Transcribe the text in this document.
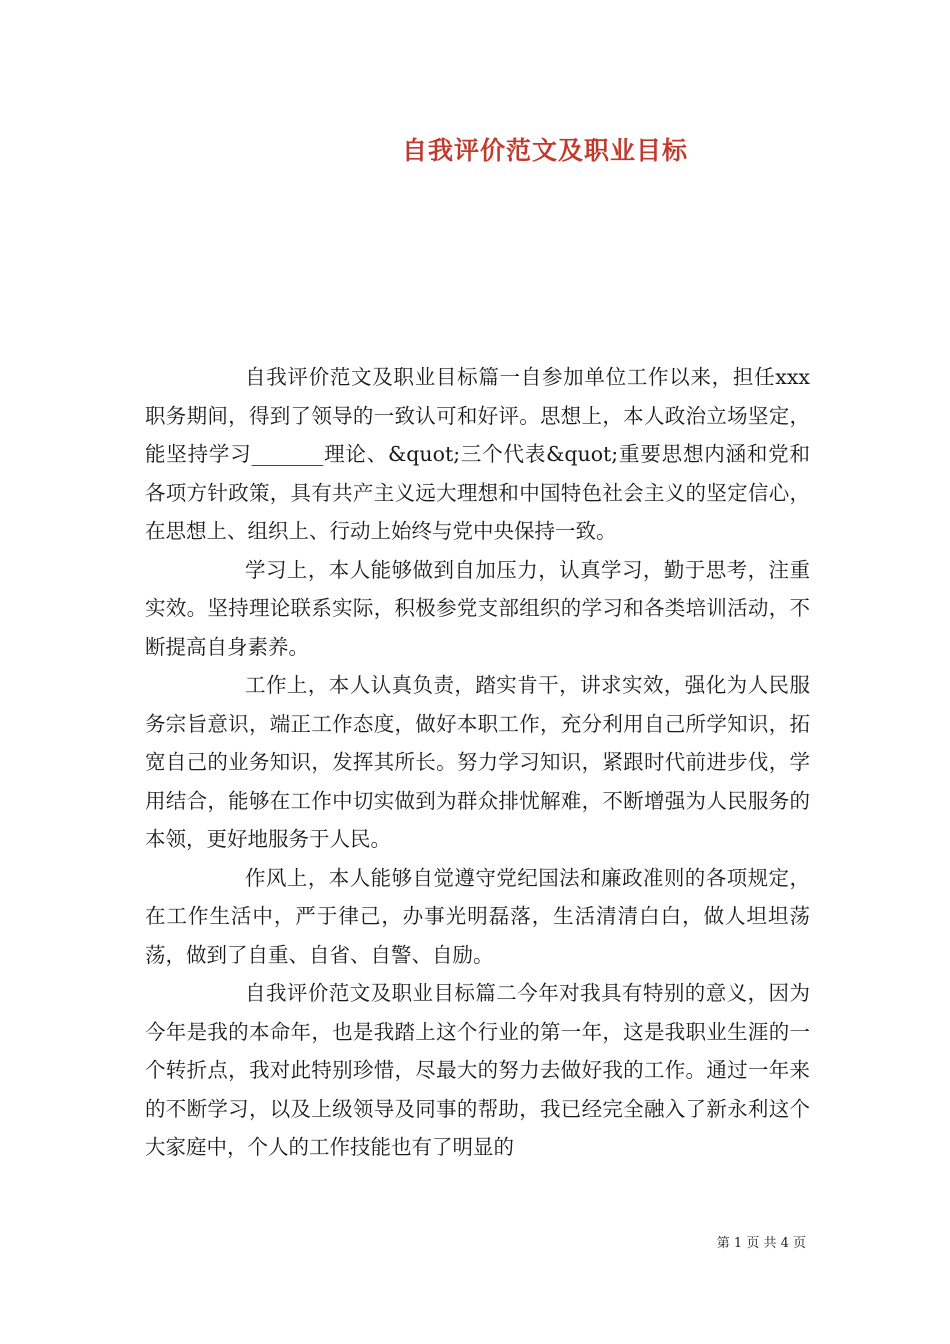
自我评价范文及职业目标

自我评价范文及职业目标篇一自参加单位工作以来，担任xxx职务期间，得到了领导的一致认可和好评。思想上，本人政治立场坚定，能坚持学习_______理论、&quot;三个代表&quot;重要思想内涵和党和各项方针政策，具有共产主义远大理想和中国特色社会主义的坚定信心，在思想上、组织上、行动上始终与党中央保持一致。

学习上，本人能够做到自加压力，认真学习，勤于思考，注重实效。坚持理论联系实际，积极参党支部组织的学习和各类培训活动，不断提高自身素养。

工作上，本人认真负责，踏实肯干，讲求实效，强化为人民服务宗旨意识，端正工作态度，做好本职工作，充分利用自己所学知识，拓宽自己的业务知识，发挥其所长。努力学习知识，紧跟时代前进步伐，学用结合，能够在工作中切实做到为群众排忧解难，不断增强为人民服务的本领，更好地服务于人民。

作风上，本人能够自觉遵守党纪国法和廉政准则的各项规定，在工作生活中，严于律己，办事光明磊落，生活清清白白，做人坦坦荡荡，做到了自重、自省、自警、自励。

自我评价范文及职业目标篇二今年对我具有特别的意义，因为今年是我的本命年，也是我踏上这个行业的第一年，这是我职业生涯的一个转折点，我对此特别珍惜，尽最大的努力去做好我的工作。通过一年来的不断学习，以及上级领导及同事的帮助，我已经完全融入了新永利这个大家庭中，个人的工作技能也有了明显的

第 1 页 共 4 页
